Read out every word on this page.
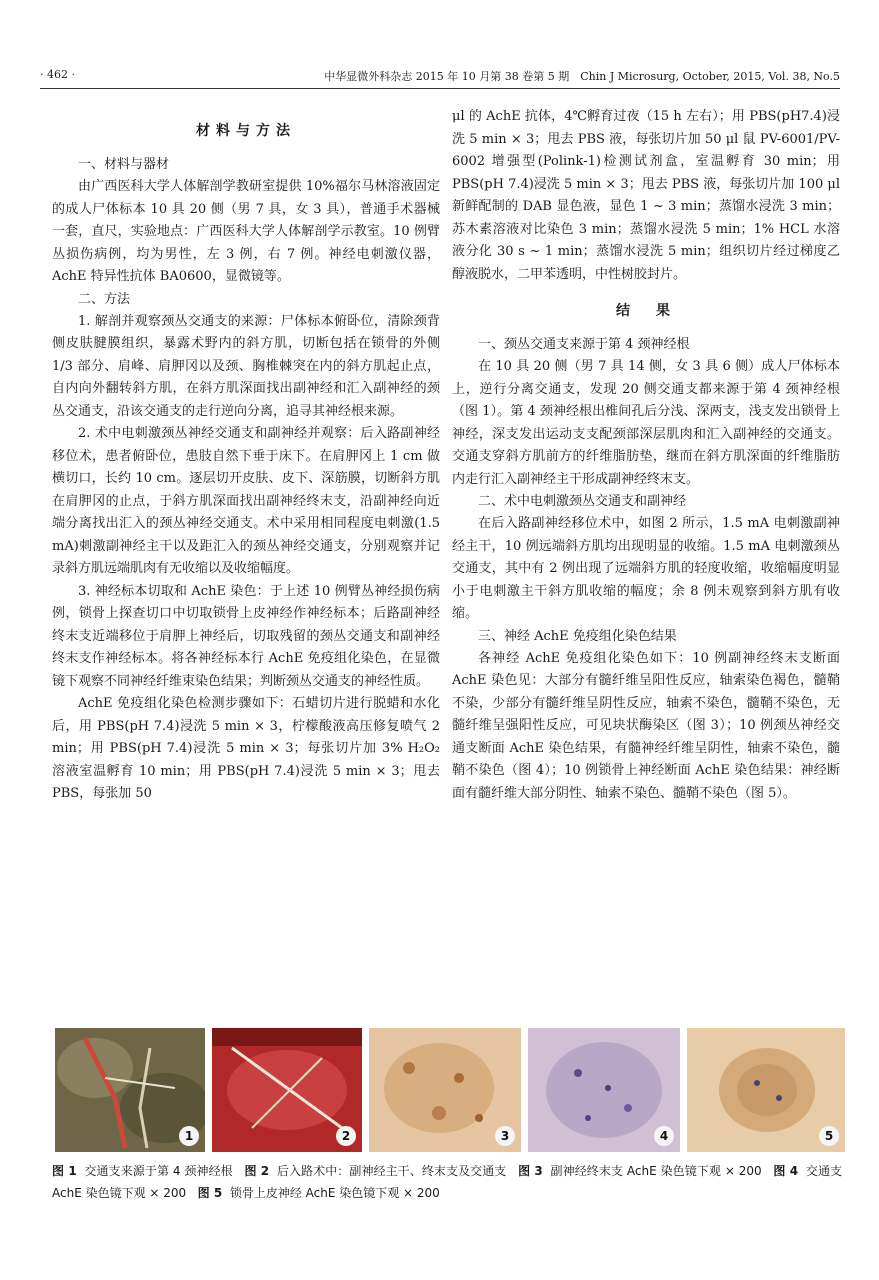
· 462 ·	中华显微外科杂志 2015 年 10 月第 38 卷第 5 期　Chin J Microsurg, October, 2015, Vol. 38, No.5
材料与方法

一、材料与器材

由广西医科大学人体解剖学教研室提供 10%福尔马林溶液固定的成人尸体标本 10 具 20 侧（男 7 具，女 3 具），普通手术器械一套，直尺，实验地点：广西医科大学人体解剖学示教室。10 例臂丛损伤病例，均为男性，左 3 例，右 7 例。神经电刺激仪器，AchE 特异性抗体 BA0600，显微镜等。

二、方法

1. 解剖并观察颈丛交通支的来源：尸体标本俯卧位，清除颈背侧皮肤腱膜组织，暴露术野内的斜方肌，切断包括在锁骨的外侧 1/3 部分、肩峰、肩胛冈以及颈、胸椎棘突在内的斜方肌起止点，自内向外翻转斜方肌，在斜方肌深面找出副神经和汇入副神经的颈丛交通支，沿该交通支的走行逆向分离，追寻其神经根来源。

2. 术中电刺激颈丛神经交通支和副神经并观察：后入路副神经移位术，患者俯卧位，患肢自然下垂于床下。在肩胛冈上 1 cm 做横切口，长约 10 cm。逐层切开皮肤、皮下、深筋膜，切断斜方肌在肩胛冈的止点，于斜方肌深面找出副神经终末支，沿副神经向近端分离找出汇入的颈丛神经交通支。术中采用相同程度电刺激(1.5 mA)刺激副神经主干以及距汇入的颈丛神经交通支，分别观察并记录斜方肌远端肌肉有无收缩以及收缩幅度。

3. 神经标本切取和 AchE 染色：于上述 10 例臂丛神经损伤病例，锁骨上探查切口中切取锁骨上皮神经作神经标本；后路副神经终末支近端移位于肩胛上神经后，切取残留的颈丛交通支和副神经终末支作神经标本。将各神经标本行 AchE 免疫组化染色，在显微镜下观察不同神经纤维束染色结果；判断颈丛交通支的神经性质。

AchE 免疫组化染色检测步骤如下：石蜡切片进行脱蜡和水化后，用 PBS(pH 7.4)浸洗 5 min × 3，柠檬酸液高压修复喷气 2 min；用 PBS(pH 7.4)浸洗 5 min × 3；每张切片加 3% H₂O₂ 溶液室温孵育 10 min；用 PBS(pH 7.4)浸洗 5 min × 3；甩去 PBS，每张加 50

μl 的 AchE 抗体，4℃孵育过夜（15 h 左右）；用 PBS(pH7.4)浸洗 5 min × 3；甩去 PBS 液，每张切片加 50 μl 鼠 PV-6001/PV-6002 增强型(Polink-1)检测试剂盒，室温孵育 30 min；用 PBS(pH 7.4)浸洗 5 min × 3；甩去 PBS 液，每张切片加 100 μl 新鲜配制的 DAB 显色液，显色 1 ~ 3 min；蒸馏水浸洗 3 min；苏木素溶液对比染色 3 min；蒸馏水浸洗 5 min；1% HCL 水溶液分化 30 s ~ 1 min；蒸馏水浸洗 5 min；组织切片经过梯度乙醇液脱水，二甲苯透明，中性树胶封片。

结　果

一、颈丛交通支来源于第 4 颈神经根

在 10 具 20 侧（男 7 具 14 侧，女 3 具 6 侧）成人尸体标本上，逆行分离交通支，发现 20 侧交通支都来源于第 4 颈神经根（图 1）。第 4 颈神经根出椎间孔后分浅、深两支，浅支发出锁骨上神经，深支发出运动支支配颈部深层肌肉和汇入副神经的交通支。交通支穿斜方肌前方的纤维脂肪垫，继而在斜方肌深面的纤维脂肪内走行汇入副神经主干形成副神经终末支。

二、术中电刺激颈丛交通支和副神经

在后入路副神经移位术中，如图 2 所示，1.5 mA 电刺激副神经主干，10 例远端斜方肌均出现明显的收缩。1.5 mA 电刺激颈丛交通支，其中有 2 例出现了远端斜方肌的轻度收缩，收缩幅度明显小于电刺激主干斜方肌收缩的幅度；余 8 例未观察到斜方肌有收缩。

三、神经 AchE 免疫组化染色结果

各神经 AchE 免疫组化染色如下：10 例副神经终末支断面 AchE 染色见：大部分有髓纤维呈阳性反应，轴索染色褐色，髓鞘不染，少部分有髓纤维呈阴性反应，轴索不染色，髓鞘不染色，无髓纤维呈强阳性反应，可见块状酶染区（图 3）；10 例颈丛神经交通支断面 AchE 染色结果，有髓神经纤维呈阴性，轴索不染色，髓鞘不染色（图 4）；10 例锁骨上神经断面 AchE 染色结果：神经断面有髓纤维大部分阴性、轴索不染色、髓鞘不染色（图 5）。

1	2	3	4	5
图 1 交通支来源于第 4 颈神经根 图 2 后入路术中：副神经主干、终末支及交通支 图 3 副神经终末支 AchE 染色镜下观 × 200 图 4 交通支 AchE 染色镜下观 × 200 图 5 锁骨上皮神经 AchE 染色镜下观 × 200
